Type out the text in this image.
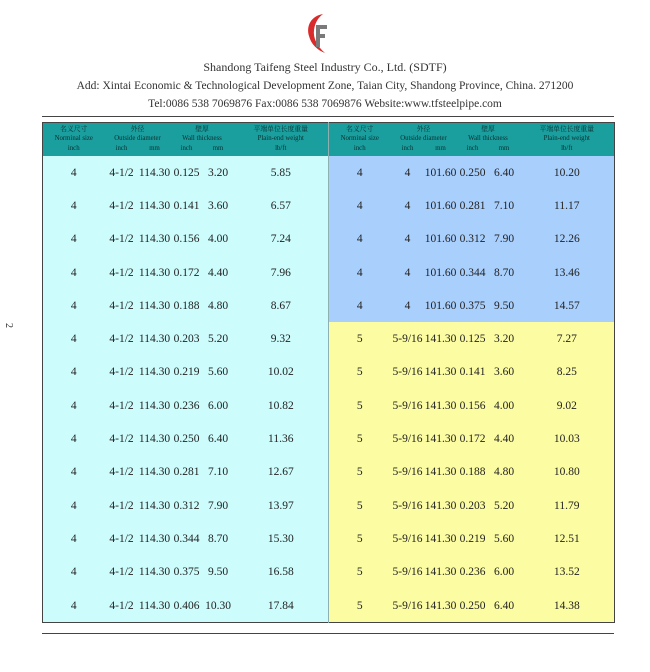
Shandong Taifeng Steel Industry Co., Ltd. (SDTF)
Add: Xintai Economic & Technological Development Zone, Taian City, Shandong Province, China. 271200
Tel:0086 538 7069876 Fax:0086 538 7069876 Website:www.tfsteelpipe.com
2
名义尺寸	外径		壁厚		平端单位长度重量	名义尺寸	外径		壁厚		平端单位长度重量
Norminal size	Outside diameter		Wall thickness		Plain-end weight	Norminal size	Outside diameter		Wall thickness		Plain-end weight
inch	inch	mm	inch	mm	lb/ft	inch	inch	mm	inch	mm	lb/ft
4	4-1/2	114.30	0.125	3.20	5.85	4	4	101.60	0.250	6.40	10.20
4	4-1/2	114.30	0.141	3.60	6.57	4	4	101.60	0.281	7.10	11.17
4	4-1/2	114.30	0.156	4.00	7.24	4	4	101.60	0.312	7.90	12.26
4	4-1/2	114.30	0.172	4.40	7.96	4	4	101.60	0.344	8.70	13.46
4	4-1/2	114.30	0.188	4.80	8.67	4	4	101.60	0.375	9.50	14.57
4	4-1/2	114.30	0.203	5.20	9.32	5	5-9/16	141.30	0.125	3.20	7.27
4	4-1/2	114.30	0.219	5.60	10.02	5	5-9/16	141.30	0.141	3.60	8.25
4	4-1/2	114.30	0.236	6.00	10.82	5	5-9/16	141.30	0.156	4.00	9.02
4	4-1/2	114.30	0.250	6.40	11.36	5	5-9/16	141.30	0.172	4.40	10.03
4	4-1/2	114.30	0.281	7.10	12.67	5	5-9/16	141.30	0.188	4.80	10.80
4	4-1/2	114.30	0.312	7.90	13.97	5	5-9/16	141.30	0.203	5.20	11.79
4	4-1/2	114.30	0.344	8.70	15.30	5	5-9/16	141.30	0.219	5.60	12.51
4	4-1/2	114.30	0.375	9.50	16.58	5	5-9/16	141.30	0.236	6.00	13.52
4	4-1/2	114.30	0.406	10.30	17.84	5	5-9/16	141.30	0.250	6.40	14.38
